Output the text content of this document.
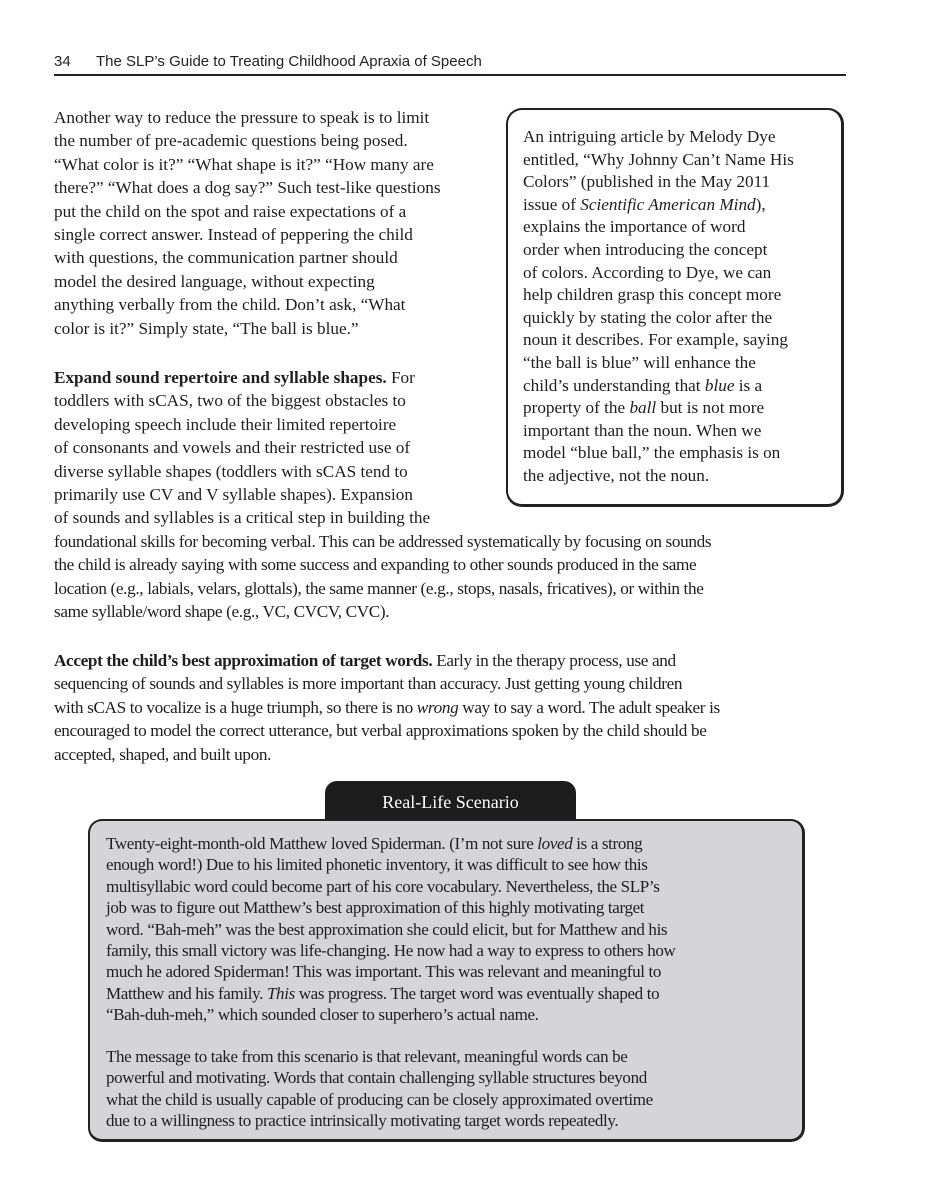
34 The SLP’s Guide to Treating Childhood Apraxia of Speech
Another way to reduce the pressure to speak is to limit
the number of pre-academic questions being posed.
“What color is it?” “What shape is it?” “How many are
there?” “What does a dog say?” Such test-like questions
put the child on the spot and raise expectations of a
single correct answer. Instead of peppering the child
with questions, the communication partner should
model the desired language, without expecting
anything verbally from the child. Don’t ask, “What
color is it?” Simply state, “The ball is blue.”
An intriguing article by Melody Dye
entitled, “Why Johnny Can’t Name His
Colors” (published in the May 2011
issue of Scientific American Mind),
explains the importance of word
order when introducing the concept
of colors. According to Dye, we can
help children grasp this concept more
quickly by stating the color after the
noun it describes. For example, saying
“the ball is blue” will enhance the
child’s understanding that blue is a
property of the ball but is not more
important than the noun. When we
model “blue ball,” the emphasis is on
the adjective, not the noun.
Expand sound repertoire and syllable shapes. For
toddlers with sCAS, two of the biggest obstacles to
developing speech include their limited repertoire
of consonants and vowels and their restricted use of
diverse syllable shapes (toddlers with sCAS tend to
primarily use CV and V syllable shapes). Expansion
of sounds and syllables is a critical step in building the
foundational skills for becoming verbal. This can be addressed systematically by focusing on sounds
the child is already saying with some success and expanding to other sounds produced in the same
location (e.g., labials, velars, glottals), the same manner (e.g., stops, nasals, fricatives), or within the
same syllable/word shape (e.g., VC, CVCV, CVC).
Accept the child’s best approximation of target words. Early in the therapy process, use and
sequencing of sounds and syllables is more important than accuracy. Just getting young children
with sCAS to vocalize is a huge triumph, so there is no wrong way to say a word. The adult speaker is
encouraged to model the correct utterance, but verbal approximations spoken by the child should be
accepted, shaped, and built upon.
Real-Life Scenario
Twenty-eight-month-old Matthew loved Spiderman. (I’m not sure loved is a strong
enough word!) Due to his limited phonetic inventory, it was difficult to see how this
multisyllabic word could become part of his core vocabulary. Nevertheless, the SLP’s
job was to figure out Matthew’s best approximation of this highly motivating target
word. “Bah-meh” was the best approximation she could elicit, but for Matthew and his
family, this small victory was life-changing. He now had a way to express to others how
much he adored Spiderman! This was important. This was relevant and meaningful to
Matthew and his family. This was progress. The target word was eventually shaped to
“Bah-duh-meh,” which sounded closer to superhero’s actual name.
The message to take from this scenario is that relevant, meaningful words can be
powerful and motivating. Words that contain challenging syllable structures beyond
what the child is usually capable of producing can be closely approximated overtime
due to a willingness to practice intrinsically motivating target words repeatedly.
